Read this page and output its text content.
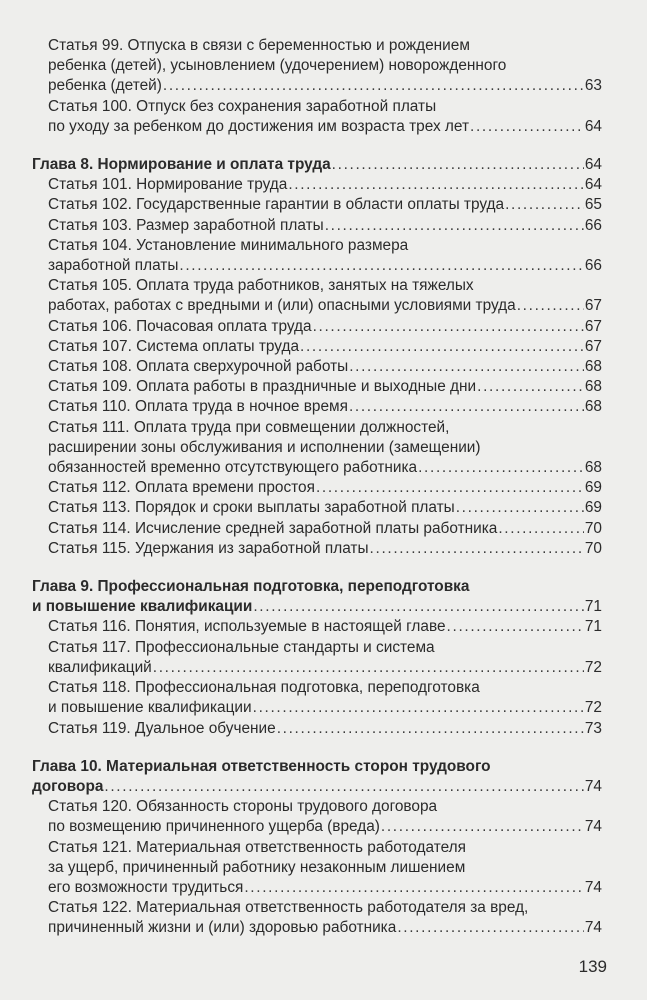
Статья 99. Отпуска в связи с беременностью и рождением
ребенка (детей), усыновлением (удочерением) новорожденного
ребенка (детей) . . .	63
Статья 100. Отпуск без сохранения заработной платы
по уходу за ребенком до достижения им возраста трех лет . . .	64
Глава 8. Нормирование и оплата труда . . .	64
Статья 101. Нормирование труда . . .	64
Статья 102. Государственные гарантии в области оплаты труда . . .	65
Статья 103. Размер заработной платы . . .	66
Статья 104. Установление минимального размера
заработной платы . . .	66
Статья 105. Оплата труда работников, занятых на тяжелых
работах, работах с вредными и (или) опасными условиями труда . . .	67
Статья 106. Почасовая оплата труда . . .	67
Статья 107. Система оплаты труда . . .	67
Статья 108. Оплата сверхурочной работы . . .	68
Статья 109. Оплата работы в праздничные и выходные дни . . .	68
Статья 110. Оплата труда в ночное время . . .	68
Статья 111. Оплата труда при совмещении должностей,
расширении зоны обслуживания и исполнении (замещении)
обязанностей временно отсутствующего работника . . .	68
Статья 112. Оплата времени простоя . . .	69
Статья 113. Порядок и сроки выплаты заработной платы . . .	69
Статья 114. Исчисление средней заработной платы работника . . .	70
Статья 115. Удержания из заработной платы . . .	70
Глава 9. Профессиональная подготовка, переподготовка
и повышение квалификации . . .	71
Статья 116. Понятия, используемые в настоящей главе . . .	71
Статья 117. Профессиональные стандарты и система
квалификаций . . .	72
Статья 118. Профессиональная подготовка, переподготовка
и повышение квалификации . . .	72
Статья 119. Дуальное обучение . . .	73
Глава 10. Материальная ответственность сторон трудового
договора . . .	74
Статья 120. Обязанность стороны трудового договора
по возмещению причиненного ущерба (вреда) . . .	74
Статья 121. Материальная ответственность работодателя
за ущерб, причиненный работнику незаконным лишением
его возможности трудиться . . .	74
Статья 122. Материальная ответственность работодателя за вред,
причиненный жизни и (или) здоровью работника . . .	74
139
